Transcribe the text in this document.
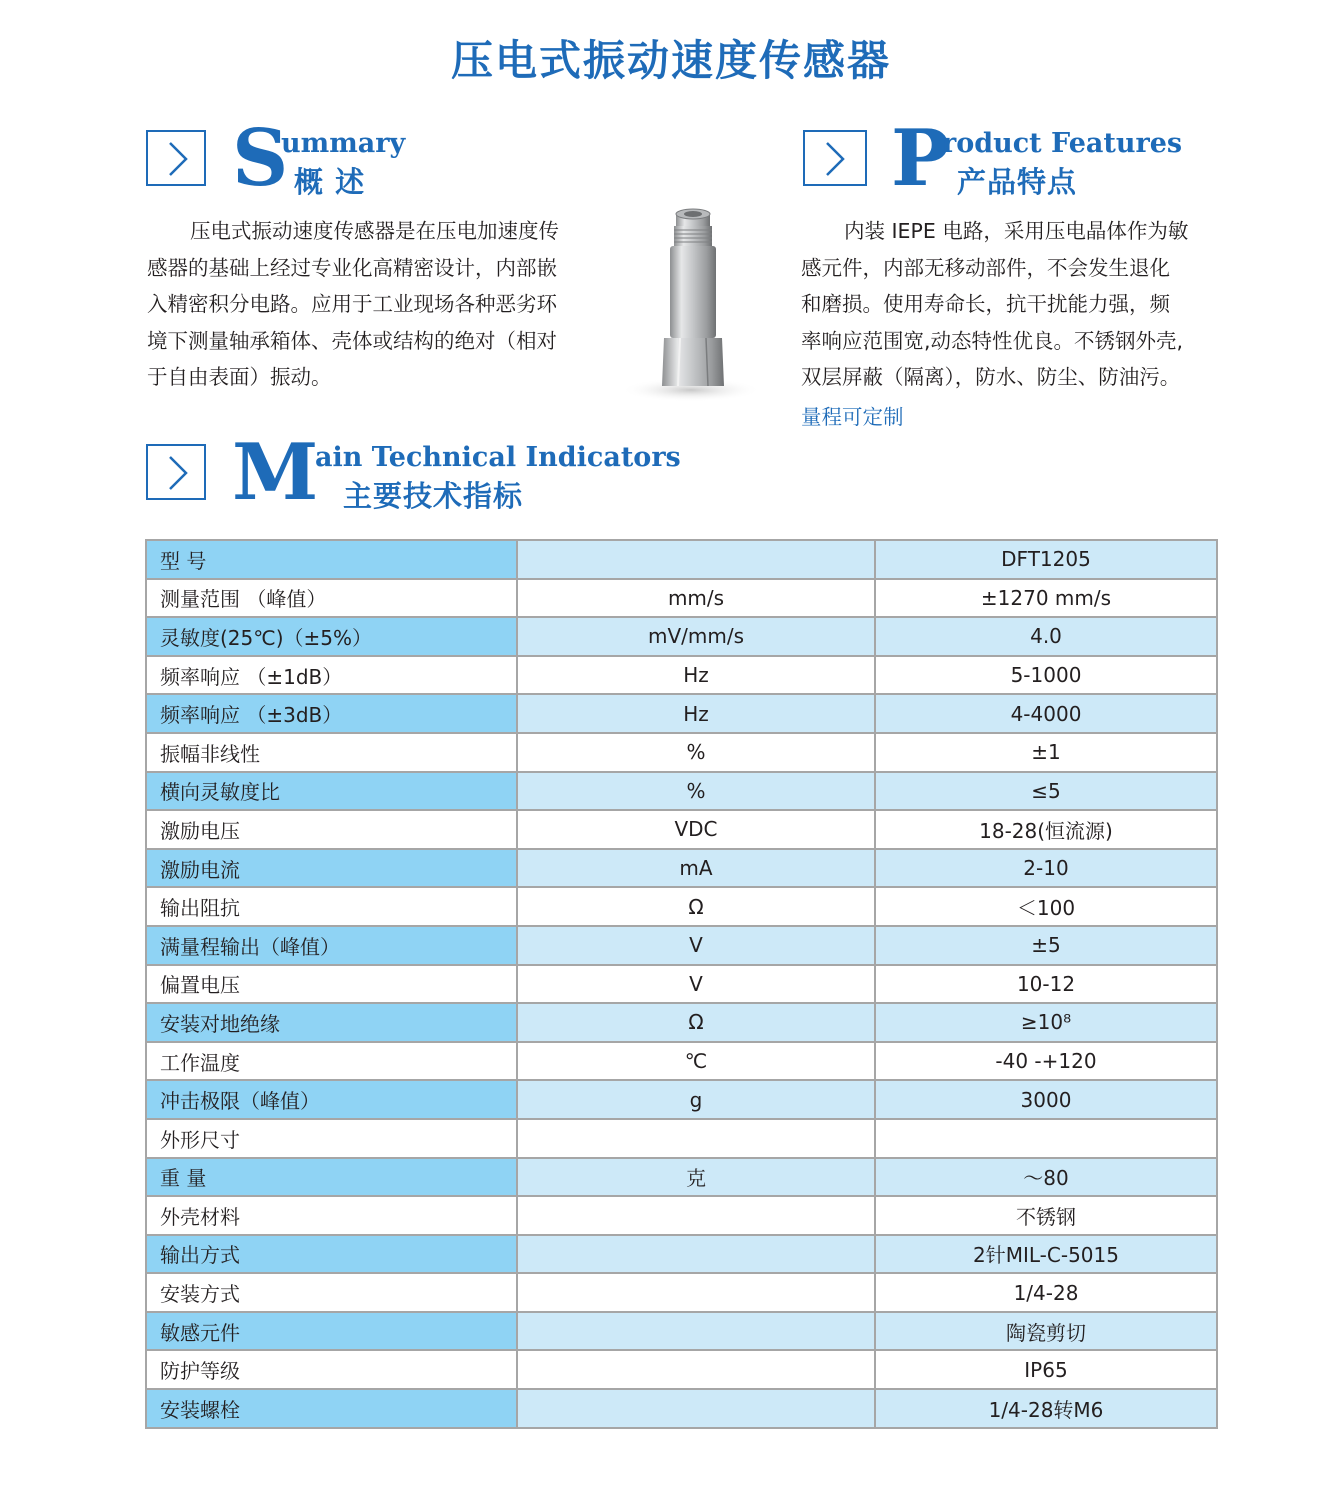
压电式振动速度传感器
S
ummary
概 述
压电式振动速度传感器是在压电加速度传
感器的基础上经过专业化高精密设计，内部嵌
入精密积分电路。应用于工业现场各种恶劣环
境下测量轴承箱体、壳体或结构的绝对（相对
于自由表面）振动。
P
roduct Features
产品特点
内装 IEPE 电路，采用压电晶体作为敏
感元件，内部无移动部件，不会发生退化
和磨损。使用寿命长，抗干扰能力强，频
率响应范围宽,动态特性优良。不锈钢外壳,
双层屏蔽（隔离），防水、防尘、防油污。
量程可定制
M
ain Technical Indicators
主要技术指标
型 号		DFT1205
测量范围 （峰值）	mm/s	±1270 mm/s
灵敏度(25℃)（±5%）	mV/mm/s	4.0
频率响应 （±1dB）	Hz	5-1000
频率响应 （±3dB）	Hz	4-4000
振幅非线性	%	±1
横向灵敏度比	%	≤5
激励电压	VDC	18-28(恒流源)
激励电流	mA	2-10
输出阻抗	Ω	＜100
满量程输出（峰值）	V	±5
偏置电压	V	10-12
安装对地绝缘	Ω	≥10⁸
工作温度	℃	-40 -+120
冲击极限（峰值）	g	3000
外形尺寸		
重 量	克	～80
外壳材料		不锈钢
输出方式		2针MIL-C-5015
安装方式		1/4-28
敏感元件		陶瓷剪切
防护等级		IP65
安装螺栓		1/4-28转M6
